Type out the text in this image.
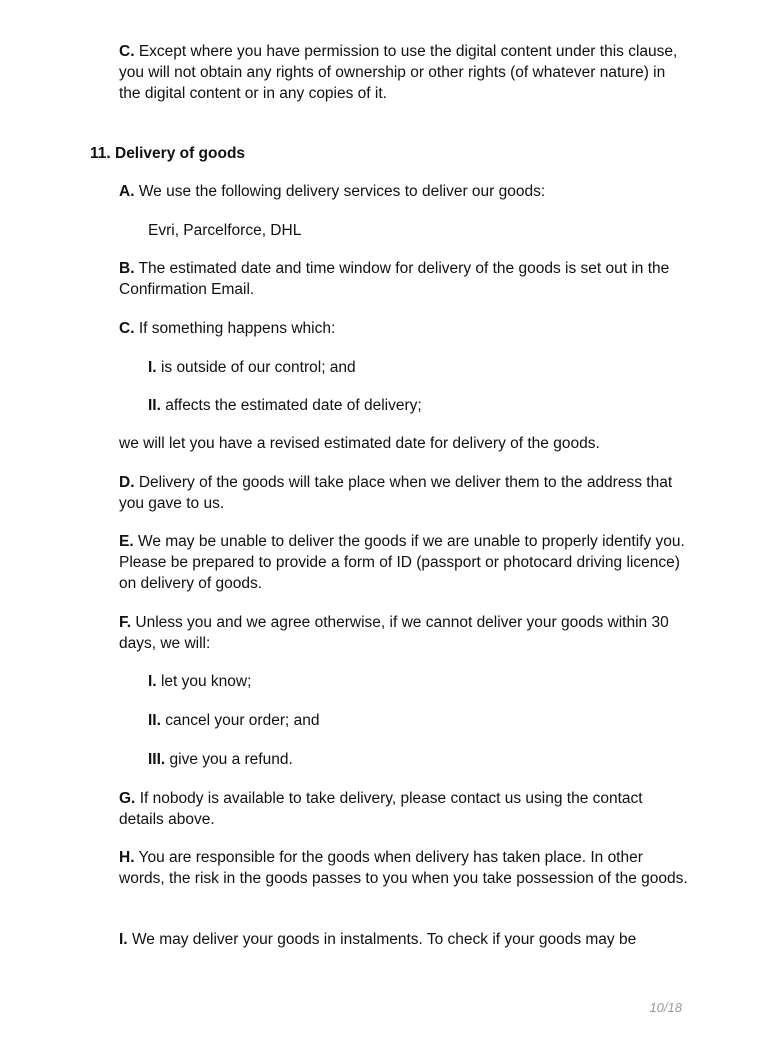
C. Except where you have permission to use the digital content under this clause, you will not obtain any rights of ownership or other rights (of whatever nature) in the digital content or in any copies of it.

11. Delivery of goods

A. We use the following delivery services to deliver our goods:

Evri, Parcelforce, DHL

B. The estimated date and time window for delivery of the goods is set out in the Confirmation Email.

C. If something happens which:

I. is outside of our control; and

II. affects the estimated date of delivery;

we will let you have a revised estimated date for delivery of the goods.

D. Delivery of the goods will take place when we deliver them to the address that you gave to us.

E. We may be unable to deliver the goods if we are unable to properly identify you. Please be prepared to provide a form of ID (passport or photocard driving licence) on delivery of goods.

F. Unless you and we agree otherwise, if we cannot deliver your goods within 30 days, we will:

I. let you know;

II. cancel your order; and

III. give you a refund.

G. If nobody is available to take delivery, please contact us using the contact details above.

H. You are responsible for the goods when delivery has taken place. In other words, the risk in the goods passes to you when you take possession of the goods.

I. We may deliver your goods in instalments. To check if your goods may be

10/18
